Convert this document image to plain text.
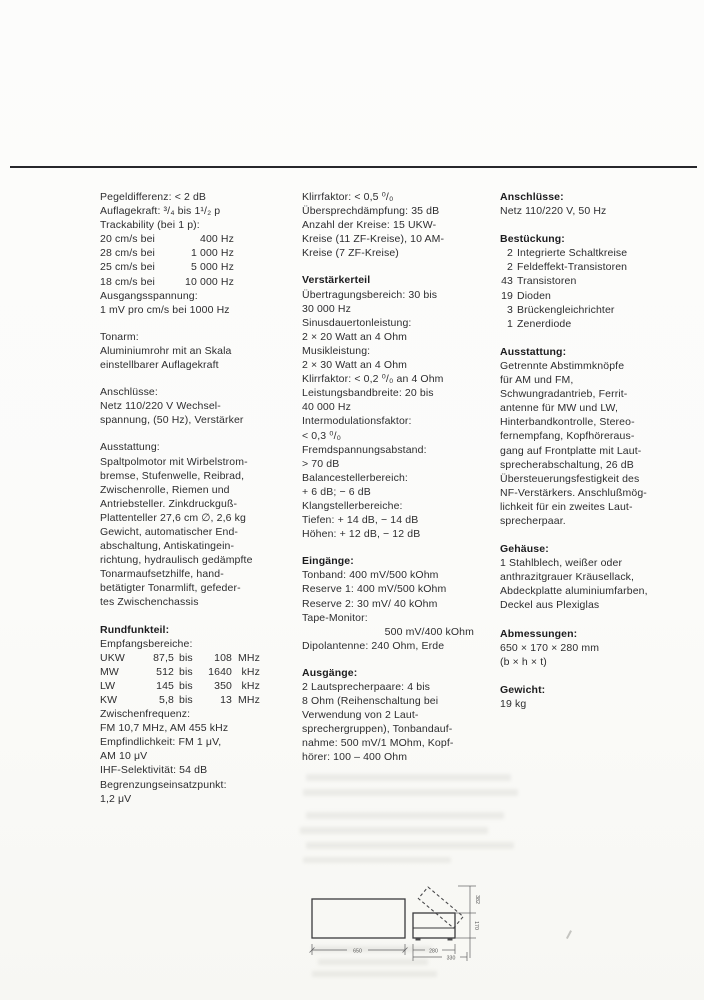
Pegeldifferenz: < 2 dB
Auflagekraft: ³/₄ bis 1¹/₂ p
Trackability (bei 1 p):
20 cm/s bei	400 Hz
28 cm/s bei	1 000 Hz
25 cm/s bei	5 000 Hz
18 cm/s bei	10 000 Hz
Ausgangsspannung:
1 mV pro cm/s bei 1000 Hz
Tonarm:
Aluminiumrohr mit an Skala
einstellbarer Auflagekraft
Anschlüsse:
Netz 110/220 V Wechsel-
spannung, (50 Hz), Verstärker
Ausstattung:
Spaltpolmotor mit Wirbelstrom-
bremse, Stufenwelle, Reibrad,
Zwischenrolle, Riemen und
Antriebsteller. Zinkdruckguß-
Plattenteller 27,6 cm ∅, 2,6 kg
Gewicht, automatischer End-
abschaltung, Antiskatingein-
richtung, hydraulisch gedämpfte
Tonarmaufsetzhilfe, hand-
betätigter Tonarmlift, gefeder-
tes Zwischenchassis
Rundfunkteil:
Empfangsbereiche:
UKW	87,5 bis	108 MHz
MW	512 bis	1640 kHz
LW	145 bis	350 kHz
KW	5,8 bis	13 MHz
Zwischenfrequenz:
FM 10,7 MHz, AM 455 kHz
Empfindlichkeit: FM 1 μV,
AM 10 μV
IHF-Selektivität: 54 dB
Begrenzungseinsatzpunkt:
1,2 μV
Klirrfaktor: < 0,5 ⁰/₀
Übersprechdämpfung: 35 dB
Anzahl der Kreise: 15 UKW-
Kreise (11 ZF-Kreise), 10 AM-
Kreise (7 ZF-Kreise)
Verstärkerteil
Übertragungsbereich: 30 bis
30 000 Hz
Sinusdauertonleistung:
2 × 20 Watt an 4 Ohm
Musikleistung:
2 × 30 Watt an 4 Ohm
Klirrfaktor: < 0,2 ⁰/₀ an 4 Ohm
Leistungsbandbreite: 20 bis
40 000 Hz
Intermodulationsfaktor:
< 0,3 ⁰/₀
Fremdspannungsabstand:
> 70 dB
Balancestellerbereich:
+ 6 dB; − 6 dB
Klangstellerbereiche:
Tiefen: + 14 dB, − 14 dB
Höhen: + 12 dB, − 12 dB
Eingänge:
Tonband: 400 mV/500 kOhm
Reserve 1: 400 mV/500 kOhm
Reserve 2: 30 mV/ 40 kOhm
Tape-Monitor:
500 mV/400 kOhm
Dipolantenne: 240 Ohm, Erde
Ausgänge:
2 Lautsprecherpaare: 4 bis
8 Ohm (Reihenschaltung bei
Verwendung von 2 Laut-
sprechergruppen), Tonbandauf-
nahme: 500 mV/1 MOhm, Kopf-
hörer: 100 – 400 Ohm
Anschlüsse:
Netz 110/220 V, 50 Hz
Bestückung:
2 Integrierte Schaltkreise
2 Feldeffekt-Transistoren
43 Transistoren
19 Dioden
3 Brückengleichrichter
1 Zenerdiode
Ausstattung:
Getrennte Abstimmknöpfe
für AM und FM,
Schwungradantrieb, Ferrit-
antenne für MW und LW,
Hinterbandkontrolle, Stereo-
fernempfang, Kopfhöreraus-
gang auf Frontplatte mit Laut-
sprecherabschaltung, 26 dB
Übersteuerungsfestigkeit des
NF-Verstärkers. Anschlußmög-
lichkeit für ein zweites Laut-
sprecherpaar.
Gehäuse:
1 Stahlblech, weißer oder
anthrazitgrauer Kräusellack,
Abdeckplatte aluminiumfarben,
Deckel aus Plexiglas
Abmessungen:
650 × 170 × 280 mm
(b × h × t)
Gewicht:
19 kg
382
170
650	280
330
